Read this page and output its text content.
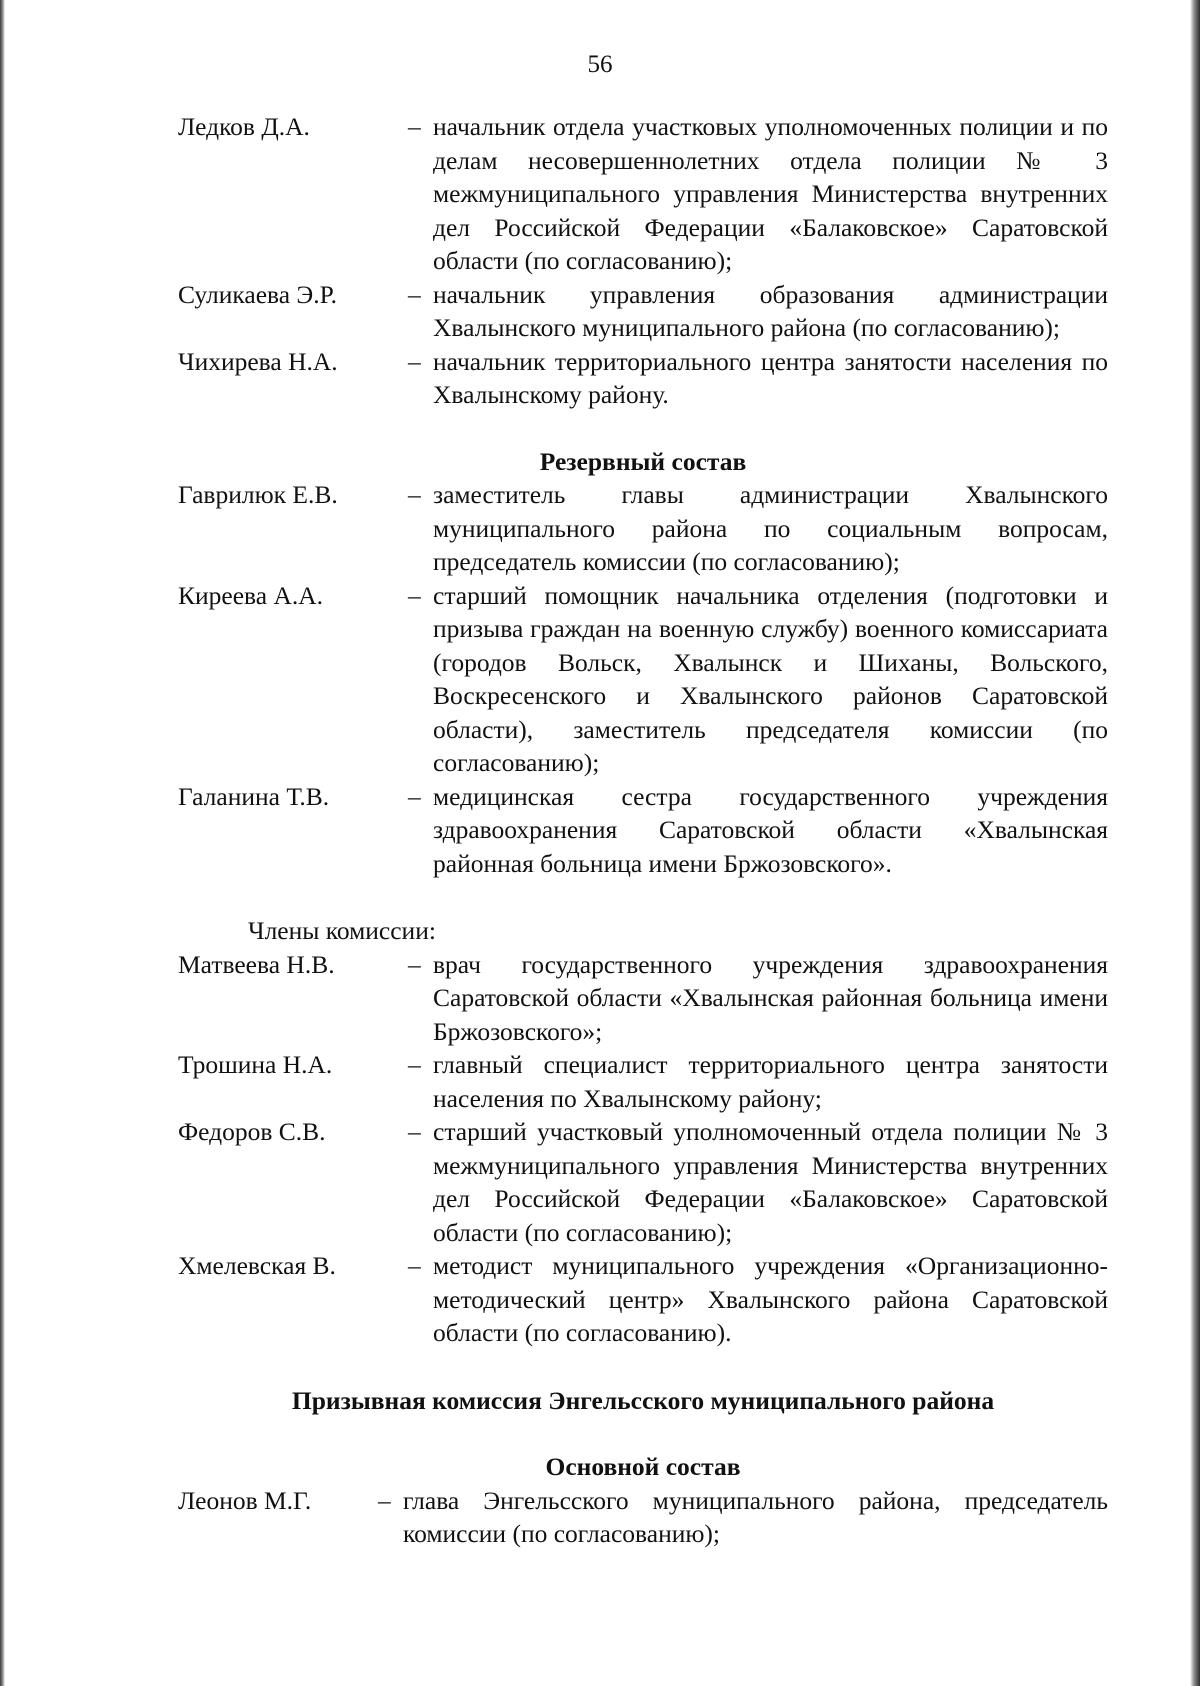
56
Ледков Д.А.	– начальник отдела участковых уполномоченных полиции и по делам несовершеннолетних отдела полиции № 3 межмуниципального управления Министерства внутренних дел Российской Федерации «Балаковское» Саратовской области (по согласованию);
Суликаева Э.Р.	– начальник управления образования администрации Хвалынского муниципального района (по согласованию);
Чихирева Н.А.	– начальник территориального центра занятости населения по Хвалынскому району.
Резервный состав
Гаврилюк Е.В.	– заместитель главы администрации Хвалынского муниципального района по социальным вопросам, председатель комиссии (по согласованию);
Киреева А.А.	– старший помощник начальника отделения (подготовки и призыва граждан на военную службу) военного комиссариата (городов Вольск, Хвалынск и Шиханы, Вольского, Воскресенского и Хвалынского районов Саратовской области), заместитель председателя комиссии (по согласованию);
Галанина Т.В.	– медицинская сестра государственного учреждения здравоохранения Саратовской области «Хвалынская районная больница имени Бржозовского».
Члены комиссии:
Матвеева Н.В.	– врач государственного учреждения здравоохранения Саратовской области «Хвалынская районная больница имени Бржозовского»;
Трошина Н.А.	– главный специалист территориального центра занятости населения по Хвалынскому району;
Федоров С.В.	– старший участковый уполномоченный отдела полиции № 3 межмуниципального управления Министерства внутренних дел Российской Федерации «Балаковское» Саратовской области (по согласованию);
Хмелевская В.	– методист муниципального учреждения «Организационно-методический центр» Хвалынского района Саратовской области (по согласованию).
Призывная комиссия Энгельсского муниципального района
Основной состав
Леонов М.Г.	– глава Энгельсского муниципального района, председатель комиссии (по согласованию);
